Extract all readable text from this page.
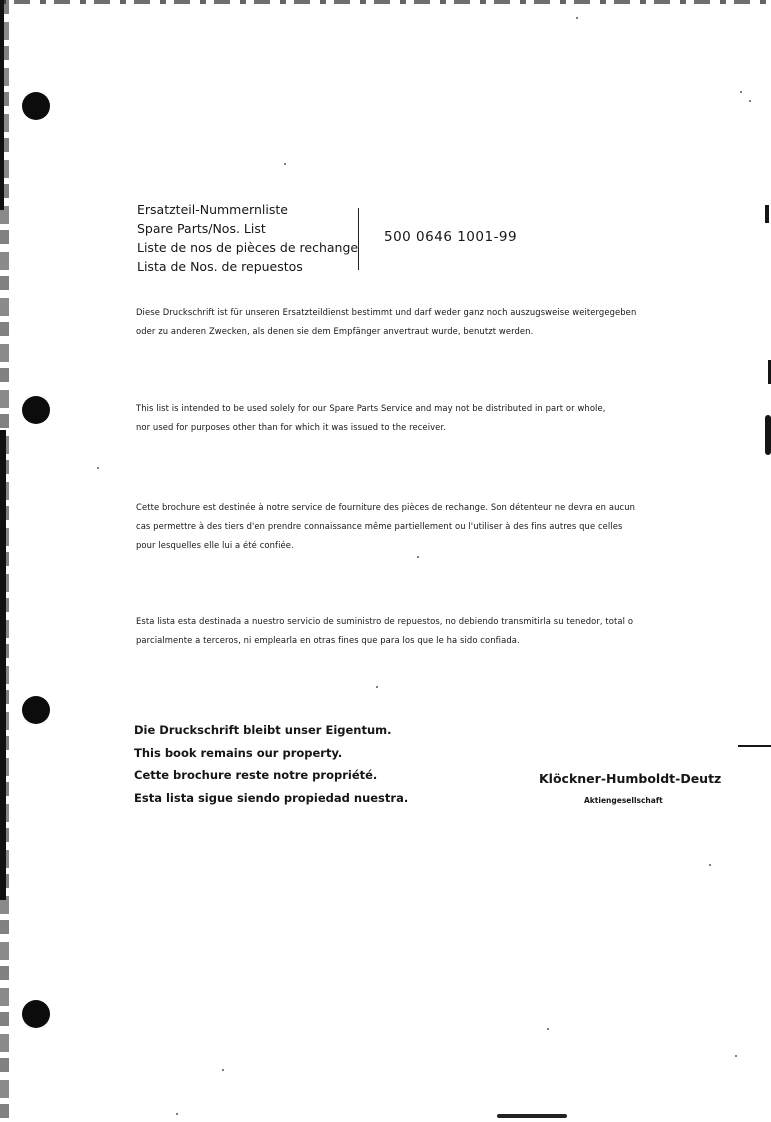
Ersatzteil-Nummernliste
Spare Parts/Nos. List
Liste de nos de pièces de rechange
Lista de Nos. de repuestos
500 0646 1001-99
Diese Druckschrift ist für unseren Ersatzteildienst bestimmt und darf weder ganz noch auszugsweise weitergegeben
oder zu anderen Zwecken, als denen sie dem Empfänger anvertraut wurde, benutzt werden.
This list is intended to be used solely for our Spare Parts Service and may not be distributed in part or whole,
nor used for purposes other than for which it was issued to the receiver.
Cette brochure est destinée à notre service de fourniture des pièces de rechange. Son détenteur ne devra en aucun
cas permettre à des tiers d'en prendre connaissance même partiellement ou l'utiliser à des fins autres que celles
pour lesquelles elle lui a été confiée.
Esta lista esta destinada a nuestro servicio de suministro de repuestos, no debiendo transmitirla su tenedor, total o
parcialmente a terceros, ni emplearla en otras fines que para los que le ha sido confiada.
Die Druckschrift bleibt unser Eigentum.
This book remains our property.
Cette brochure reste notre propriété.
Esta lista sigue siendo propiedad nuestra.
Klöckner-Humboldt-Deutz
Aktiengesellschaft
